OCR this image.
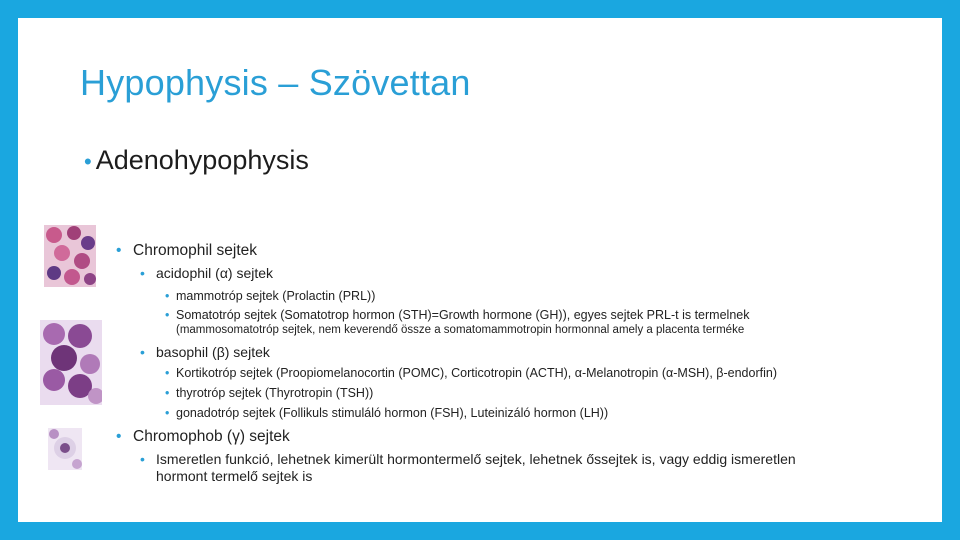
Hypophysis – Szövettan
• Adenohypophysis
• Chromophil sejtek
• acidophil (α) sejtek
• mammotróp sejtek (Prolactin (PRL))
• Somatotróp sejtek (Somatotrop hormon (STH)=Growth hormone (GH)), egyes sejtek PRL-t is termelnek
(mammosomatotróp sejtek, nem keverendő össze a somatomammotropin hormonnal amely a placenta terméke
• basophil (β) sejtek
• Kortikotróp sejtek (Proopiomelanocortin (POMC), Corticotropin (ACTH), α-Melanotropin (α-MSH), β-endorfin)
• thyrotróp sejtek (Thyrotropin (TSH))
• gonadotróp sejtek (Follikuls stimuláló hormon (FSH), Luteinizáló hormon (LH))
• Chromophob (γ) sejtek
• Ismeretlen funkció, lehetnek kimerült hormontermelő sejtek, lehetnek őssejtek is, vagy eddig ismeretlen
hormont termelő sejtek is
